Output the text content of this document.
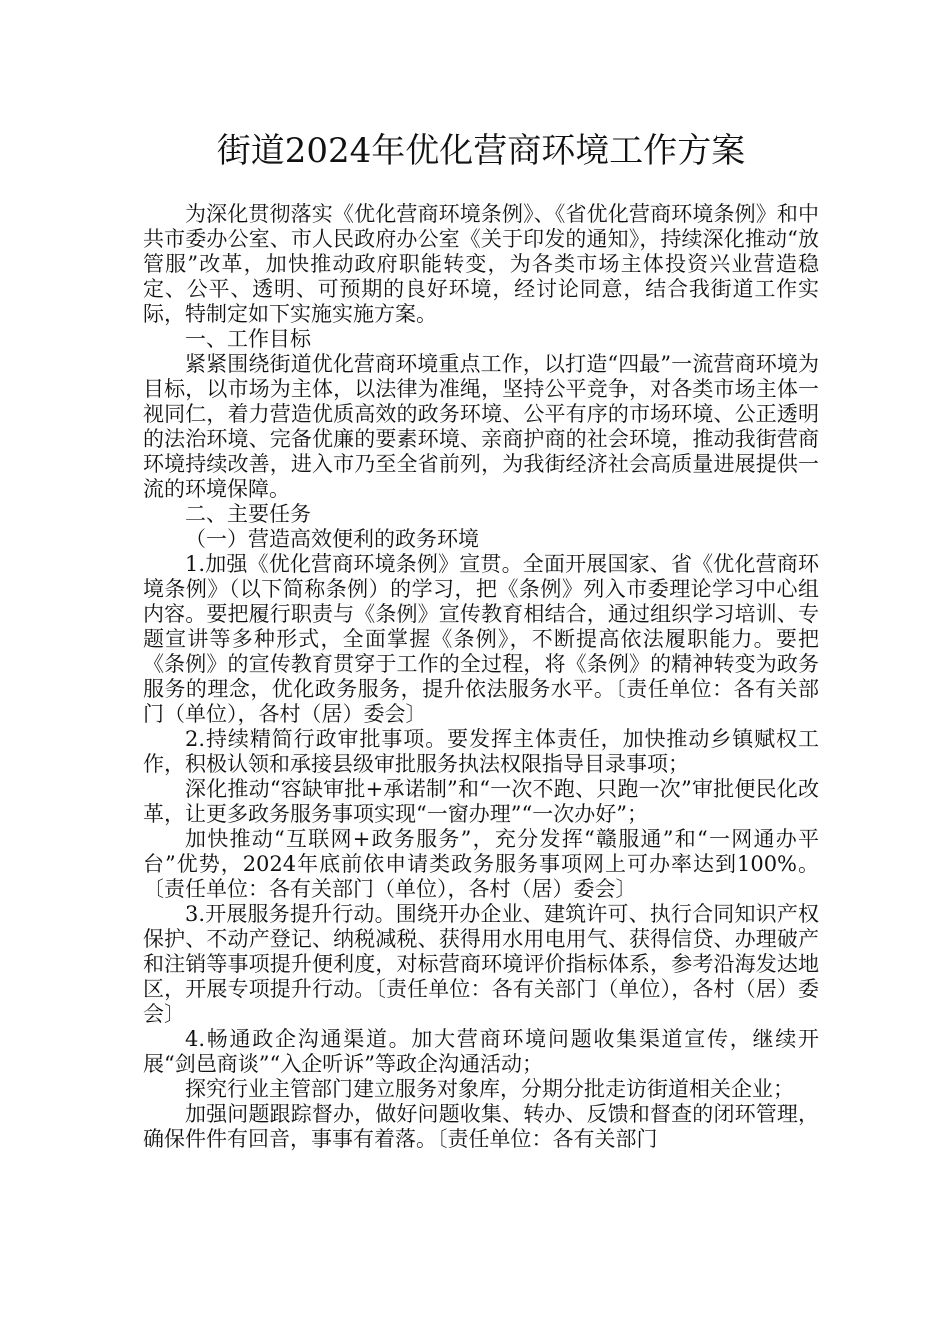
街道2024年优化营商环境工作方案

为深化贯彻落实《优化营商环境条例》、《省优化营商环境条例》和中共市委办公室、市人民政府办公室《关于印发的通知》，持续深化推动“放管服”改革，加快推动政府职能转变，为各类市场主体投资兴业营造稳定、公平、透明、可预期的良好环境，经讨论同意，结合我街道工作实际，特制定如下实施实施方案。

一、工作目标

紧紧围绕街道优化营商环境重点工作，以打造“四最”一流营商环境为目标，以市场为主体，以法律为准绳，坚持公平竞争，对各类市场主体一视同仁，着力营造优质高效的政务环境、公平有序的市场环境、公正透明的法治环境、完备优廉的要素环境、亲商护商的社会环境，推动我街营商环境持续改善，进入市乃至全省前列，为我街经济社会高质量进展提供一流的环境保障。

二、主要任务

（一）营造高效便利的政务环境

1.加强《优化营商环境条例》宣贯。全面开展国家、省《优化营商环境条例》（以下简称条例）的学习，把《条例》列入市委理论学习中心组内容。要把履行职责与《条例》宣传教育相结合，通过组织学习培训、专题宣讲等多种形式，全面掌握《条例》，不断提高依法履职能力。要把《条例》的宣传教育贯穿于工作的全过程，将《条例》的精神转变为政务服务的理念，优化政务服务，提升依法服务水平。〔责任单位：各有关部门（单位），各村（居）委会〕

2.持续精简行政审批事项。要发挥主体责任，加快推动乡镇赋权工作，积极认领和承接县级审批服务执法权限指导目录事项；

深化推动“容缺审批+承诺制”和“一次不跑、只跑一次”审批便民化改革，让更多政务服务事项实现“一窗办理”“一次办好”；

加快推动“互联网+政务服务”，充分发挥“赣服通”和“一网通办平台”优势，2024年底前依申请类政务服务事项网上可办率达到100%。〔责任单位：各有关部门（单位），各村（居）委会〕

3.开展服务提升行动。围绕开办企业、建筑许可、执行合同知识产权保护、不动产登记、纳税减税、获得用水用电用气、获得信贷、办理破产和注销等事项提升便利度，对标营商环境评价指标体系，参考沿海发达地区，开展专项提升行动。〔责任单位：各有关部门（单位），各村（居）委会〕

4.畅通政企沟通渠道。加大营商环境问题收集渠道宣传，继续开展“剑邑商谈”“入企听诉”等政企沟通活动；

探究行业主管部门建立服务对象库，分期分批走访街道相关企业；

加强问题跟踪督办，做好问题收集、转办、反馈和督查的闭环管理，确保件件有回音，事事有着落。〔责任单位：各有关部门
